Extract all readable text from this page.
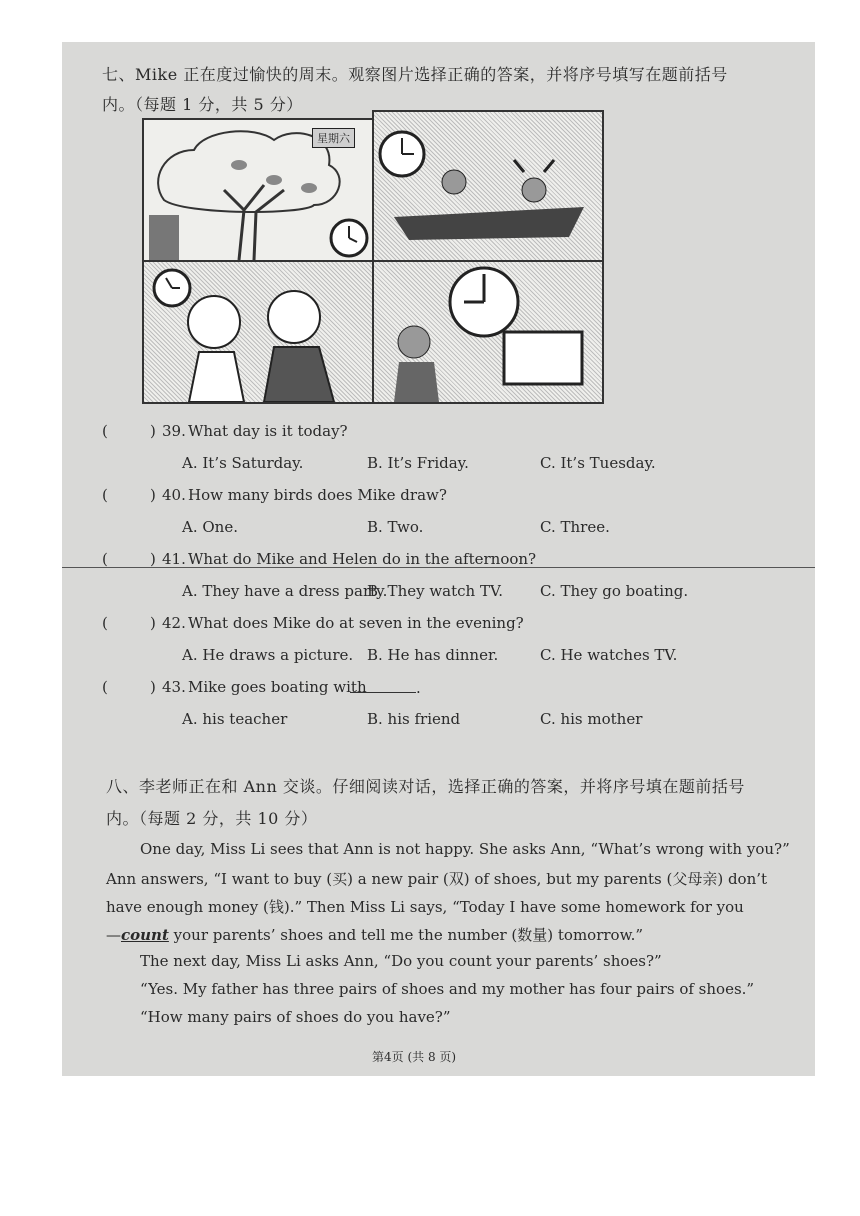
七、Mike 正在度过愉快的周末。观察图片选择正确的答案，并将序号填写在题前括号
内。（每题 1 分，共 5 分）
星期六
(	) 39. What day is it today?
A. It’s Saturday.	B. It’s Friday.	C. It’s Tuesday.
(	) 40. How many birds does Mike draw?
A. One.	B. Two.	C. Three.
(	) 41. What do Mike and Helen do in the afternoon?
A. They have a dress party.
B. They watch TV. C. They go boating.
(	) 42. What does Mike do at seven in the evening?
A. He draws a picture. B. He has dinner.	C. He watches TV.
(	) 43. Mike goes boating with	.
A. his teacher	B. his friend	C. his mother
八、李老师正在和 Ann 交谈。仔细阅读对话，选择正确的答案，并将序号填在题前括号
内。（每题 2 分，共 10 分）
One day, Miss Li sees that Ann is not happy. She asks Ann, “What’s wrong with you?”
Ann answers, “I want to buy (买) a new pair (双) of shoes, but my parents (父母亲) don’t
have enough money (钱).” Then Miss Li says, “Today I have some homework for you
—count your parents’ shoes and tell me the number (数量) tomorrow.”
The next day, Miss Li asks Ann, “Do you count your parents’ shoes?”
“Yes. My father has three pairs of shoes and my mother has four pairs of shoes.”
“How many pairs of shoes do you have?”
第4页 (共 8 页)
